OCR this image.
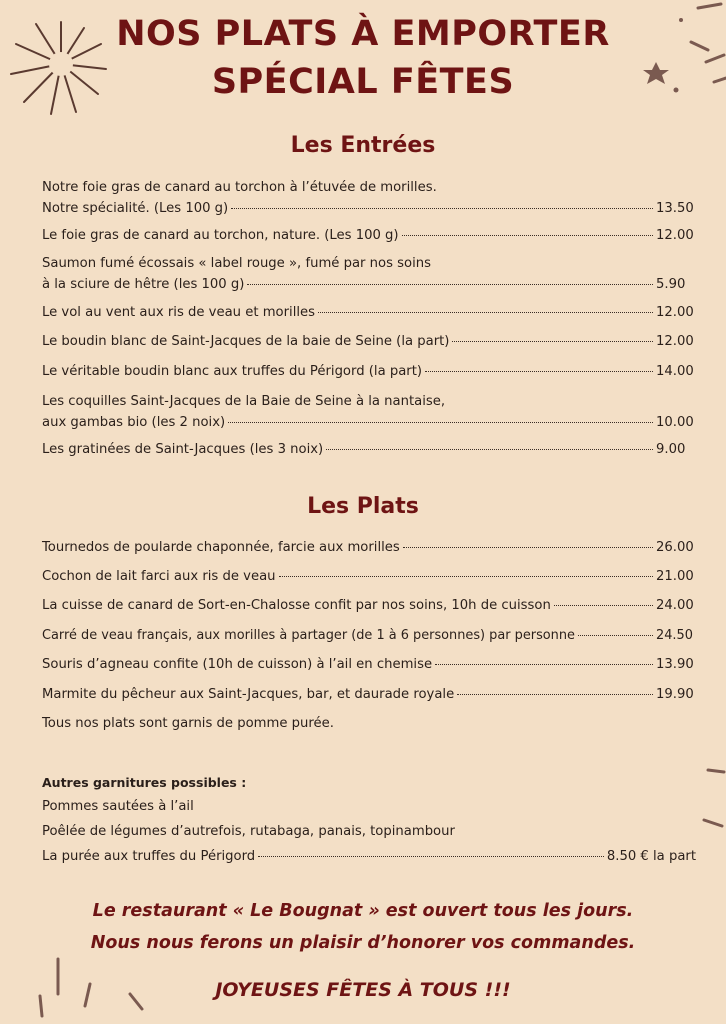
NOS PLATS À EMPORTER
SPÉCIAL FÊTES
Les Entrées
Notre foie gras de canard au torchon à l’étuvée de morilles.
Notre spécialité. (Les 100 g)	13.50
Le foie gras de canard au torchon, nature. (Les 100 g)	12.00
Saumon fumé écossais « label rouge », fumé par nos soins
à la sciure de hêtre (les 100 g)	5.90
Le vol au vent aux ris de veau et morilles	12.00
Le boudin blanc de Saint-Jacques de la baie de Seine (la part)	12.00
Le véritable boudin blanc aux truffes du Périgord (la part)	14.00
Les coquilles Saint-Jacques de la Baie de Seine à la nantaise,
aux gambas bio (les 2 noix)	10.00
Les gratinées de Saint-Jacques (les 3 noix)	9.00
Les Plats
Tournedos de poularde chaponnée, farcie aux morilles	26.00
Cochon de lait farci aux ris de veau	21.00
La cuisse de canard de Sort-en-Chalosse confit par nos soins, 10h de cuisson	24.00
Carré de veau français, aux morilles à partager (de 1 à 6 personnes) par personne	24.50
Souris d’agneau confite (10h de cuisson) à l’ail en chemise	13.90
Marmite du pêcheur aux Saint-Jacques, bar, et daurade royale	19.90
Tous nos plats sont garnis de pomme purée.
Autres garnitures possibles :
Pommes sautées à l’ail
Poêlée de légumes d’autrefois, rutabaga, panais, topinambour
La purée aux truffes du Périgord	8.50 € la part
Le restaurant « Le Bougnat » est ouvert tous les jours.
Nous nous ferons un plaisir d’honorer vos commandes.
JOYEUSES FÊTES À TOUS !!!
